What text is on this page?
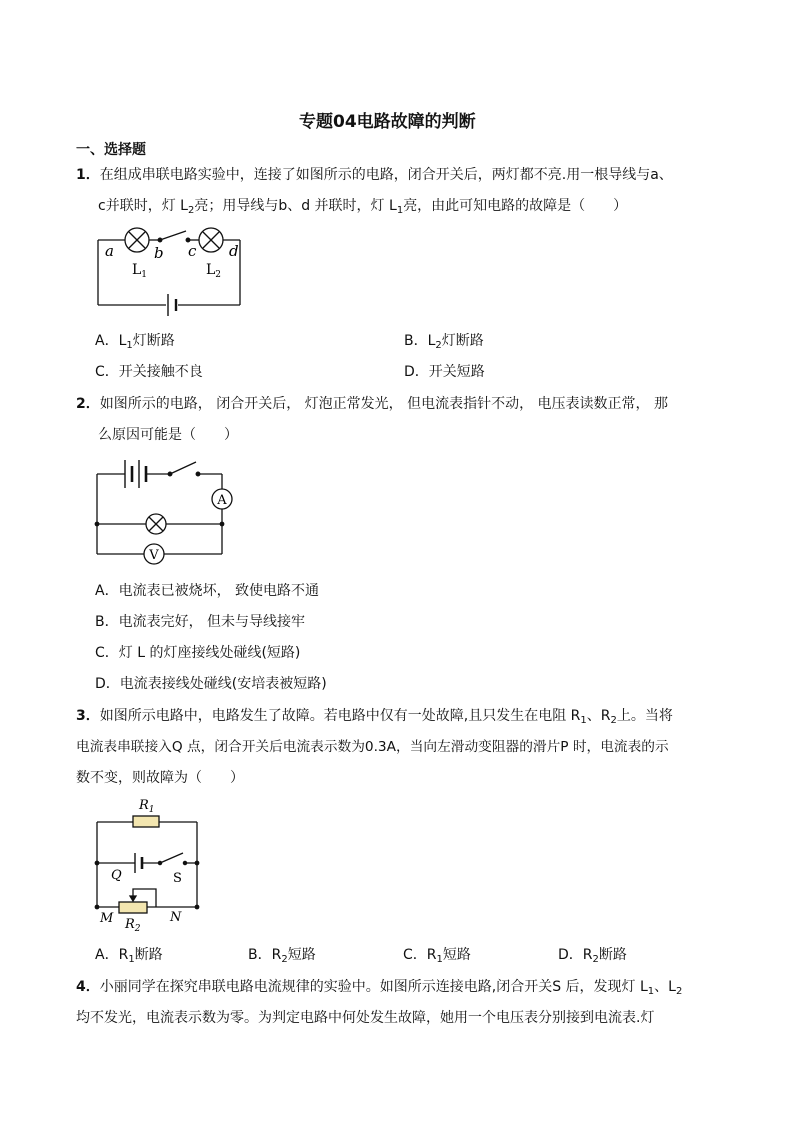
专题04电路故障的判断
一、选择题
1．在组成串联电路实验中，连接了如图所示的电路，闭合开关后，两灯都不亮.用一根导线与a、
c并联时，灯 $L_2$亮；用导线与b、d 并联时，灯 $L_1$亮，由此可知电路的故障是（　　）
a	b c d
$L_1$	$L_2$
A．$L_1$灯断路	B．$L_2$灯断路
C．开关接触不良	D．开关短路
2．如图所示的电路， 闭合开关后， 灯泡正常发光， 但电流表指针不动， 电压表读数正常， 那
么原因可能是（　　）
A
V
A．电流表已被烧坏， 致使电路不通
B．电流表完好， 但未与导线接牢
C．灯 L 的灯座接线处碰线(短路)
D．电流表接线处碰线(安培表被短路)
3．如图所示电路中，电路发生了故障。若电路中仅有一处故障,且只发生在电阻 $R_1$、$R_2$上。当将
电流表串联接入Q 点，闭合开关后电流表示数为0.3A，当向左滑动变阻器的滑片P 时，电流表的示
数不变，则故障为（　　）
$R_1$
Q	S
M	N
$R_2$
A．$R_1$断路	B．$R_2$短路	C．$R_1$短路	D．$R_2$断路
4．小丽同学在探究串联电路电流规律的实验中。如图所示连接电路,闭合开关S 后，发现灯 $L_1$、$L_2$
均不发光，电流表示数为零。为判定电路中何处发生故障，她用一个电压表分别接到电流表.灯
